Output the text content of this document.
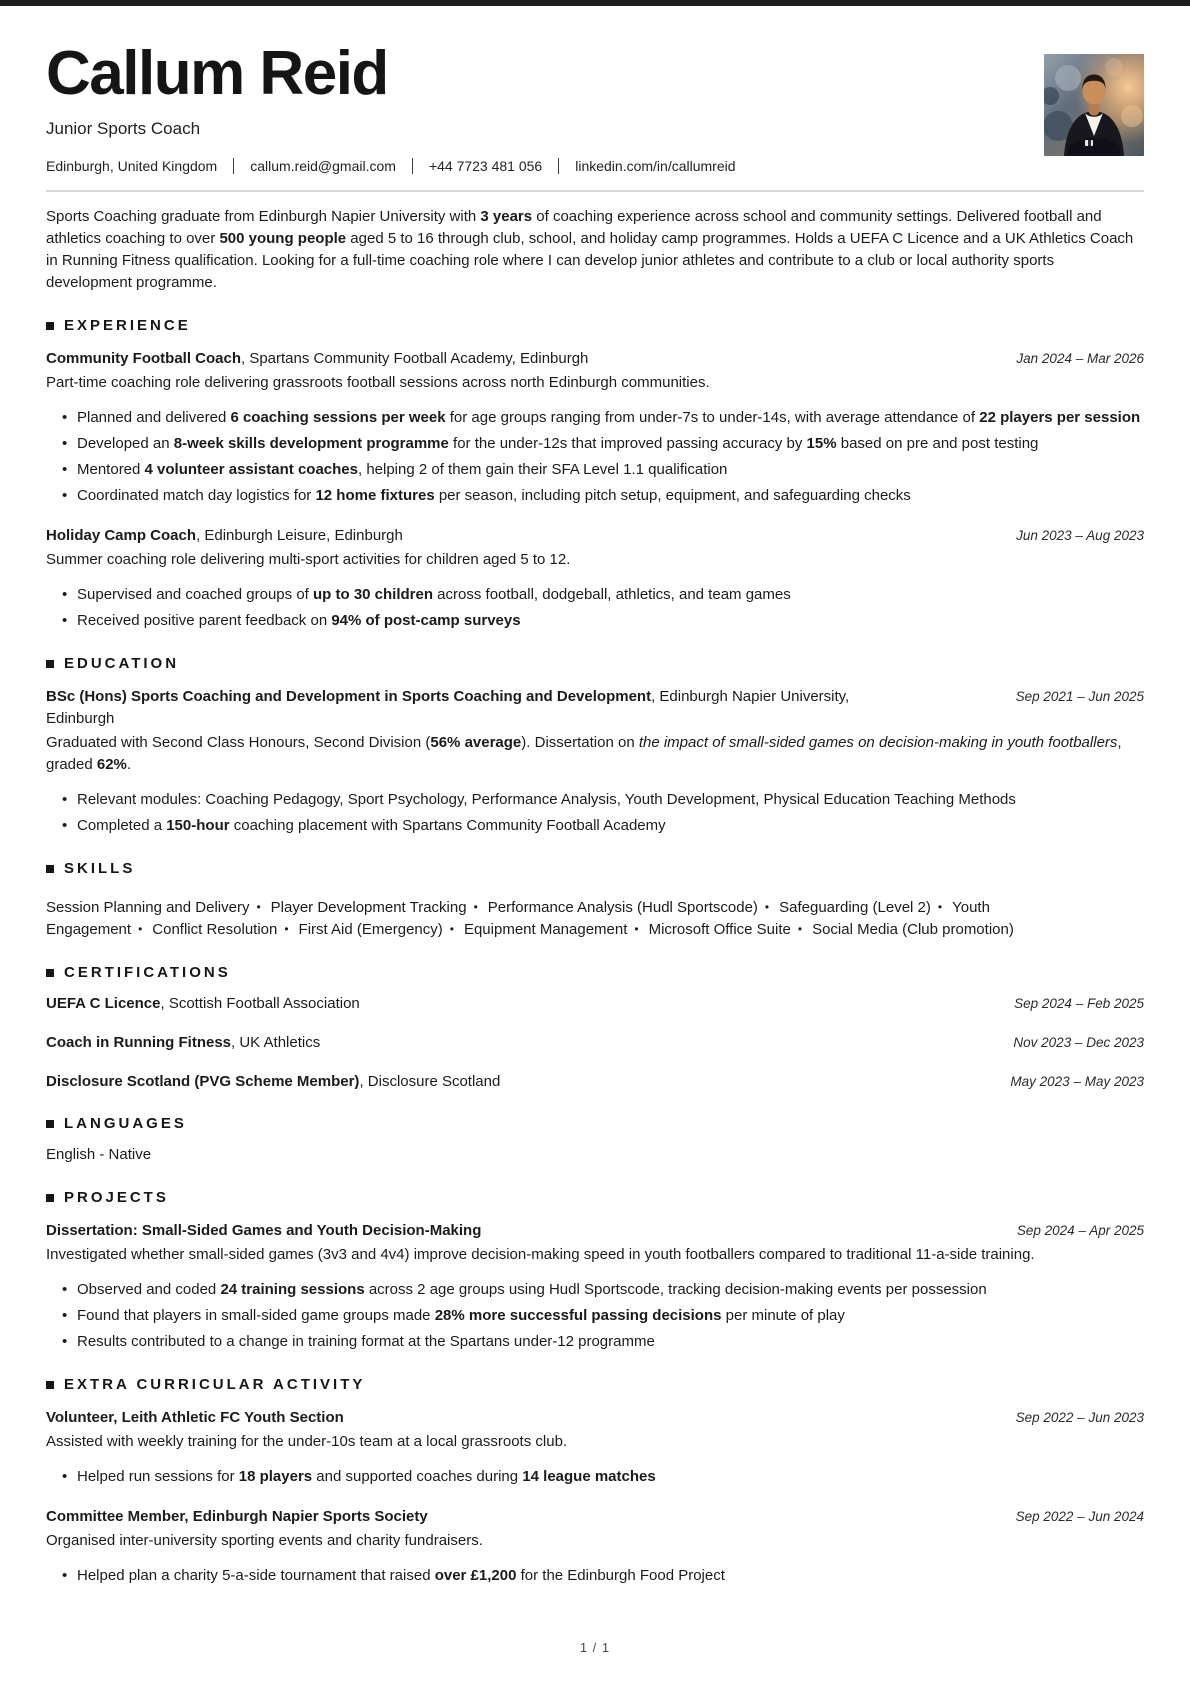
Callum Reid
Junior Sports Coach
Edinburgh, United Kingdom	callum.reid@gmail.com	+44 7723 481 056	linkedin.com/in/callumreid

Sports Coaching graduate from Edinburgh Napier University with 3 years of coaching experience across school and community settings. Delivered football and athletics coaching to over 500 young people aged 5 to 16 through club, school, and holiday camp programmes. Holds a UEFA C Licence and a UK Athletics Coach in Running Fitness qualification. Looking for a full-time coaching role where I can develop junior athletes and contribute to a club or local authority sports development programme.

EXPERIENCE
Community Football Coach, Spartans Community Football Academy, Edinburgh	Jan 2024 – Mar 2026
Part-time coaching role delivering grassroots football sessions across north Edinburgh communities.
• Planned and delivered 6 coaching sessions per week for age groups ranging from under-7s to under-14s, with average attendance of 22 players per session
• Developed an 8-week skills development programme for the under-12s that improved passing accuracy by 15% based on pre and post testing
• Mentored 4 volunteer assistant coaches, helping 2 of them gain their SFA Level 1.1 qualification
• Coordinated match day logistics for 12 home fixtures per season, including pitch setup, equipment, and safeguarding checks
Holiday Camp Coach, Edinburgh Leisure, Edinburgh	Jun 2023 – Aug 2023
Summer coaching role delivering multi-sport activities for children aged 5 to 12.
• Supervised and coached groups of up to 30 children across football, dodgeball, athletics, and team games
• Received positive parent feedback on 94% of post-camp surveys
EDUCATION
BSc (Hons) Sports Coaching and Development in Sports Coaching and Development, Edinburgh Napier University, Edinburgh
Sep 2021 – Jun 2025
Graduated with Second Class Honours, Second Division (56% average). Dissertation on the impact of small-sided games on decision-making in youth footballers, graded 62%.
• Relevant modules: Coaching Pedagogy, Sport Psychology, Performance Analysis, Youth Development, Physical Education Teaching Methods
• Completed a 150-hour coaching placement with Spartans Community Football Academy
SKILLS
Session Planning and Delivery • Player Development Tracking • Performance Analysis (Hudl Sportscode) • Safeguarding (Level 2) • Youth Engagement • Conflict Resolution • First Aid (Emergency) • Equipment Management • Microsoft Office Suite • Social Media (Club promotion)
CERTIFICATIONS
UEFA C Licence, Scottish Football Association	Sep 2024 – Feb 2025
Coach in Running Fitness, UK Athletics	Nov 2023 – Dec 2023
Disclosure Scotland (PVG Scheme Member), Disclosure Scotland	May 2023 – May 2023
LANGUAGES
English - Native
PROJECTS
Dissertation: Small-Sided Games and Youth Decision-Making	Sep 2024 – Apr 2025
Investigated whether small-sided games (3v3 and 4v4) improve decision-making speed in youth footballers compared to traditional 11-a-side training.
• Observed and coded 24 training sessions across 2 age groups using Hudl Sportscode, tracking decision-making events per possession
• Found that players in small-sided game groups made 28% more successful passing decisions per minute of play
• Results contributed to a change in training format at the Spartans under-12 programme
EXTRA CURRICULAR ACTIVITY
Volunteer, Leith Athletic FC Youth Section	Sep 2022 – Jun 2023
Assisted with weekly training for the under-10s team at a local grassroots club.
• Helped run sessions for 18 players and supported coaches during 14 league matches
Committee Member, Edinburgh Napier Sports Society	Sep 2022 – Jun 2024
Organised inter-university sporting events and charity fundraisers.
• Helped plan a charity 5-a-side tournament that raised over £1,200 for the Edinburgh Food Project
1 / 1
